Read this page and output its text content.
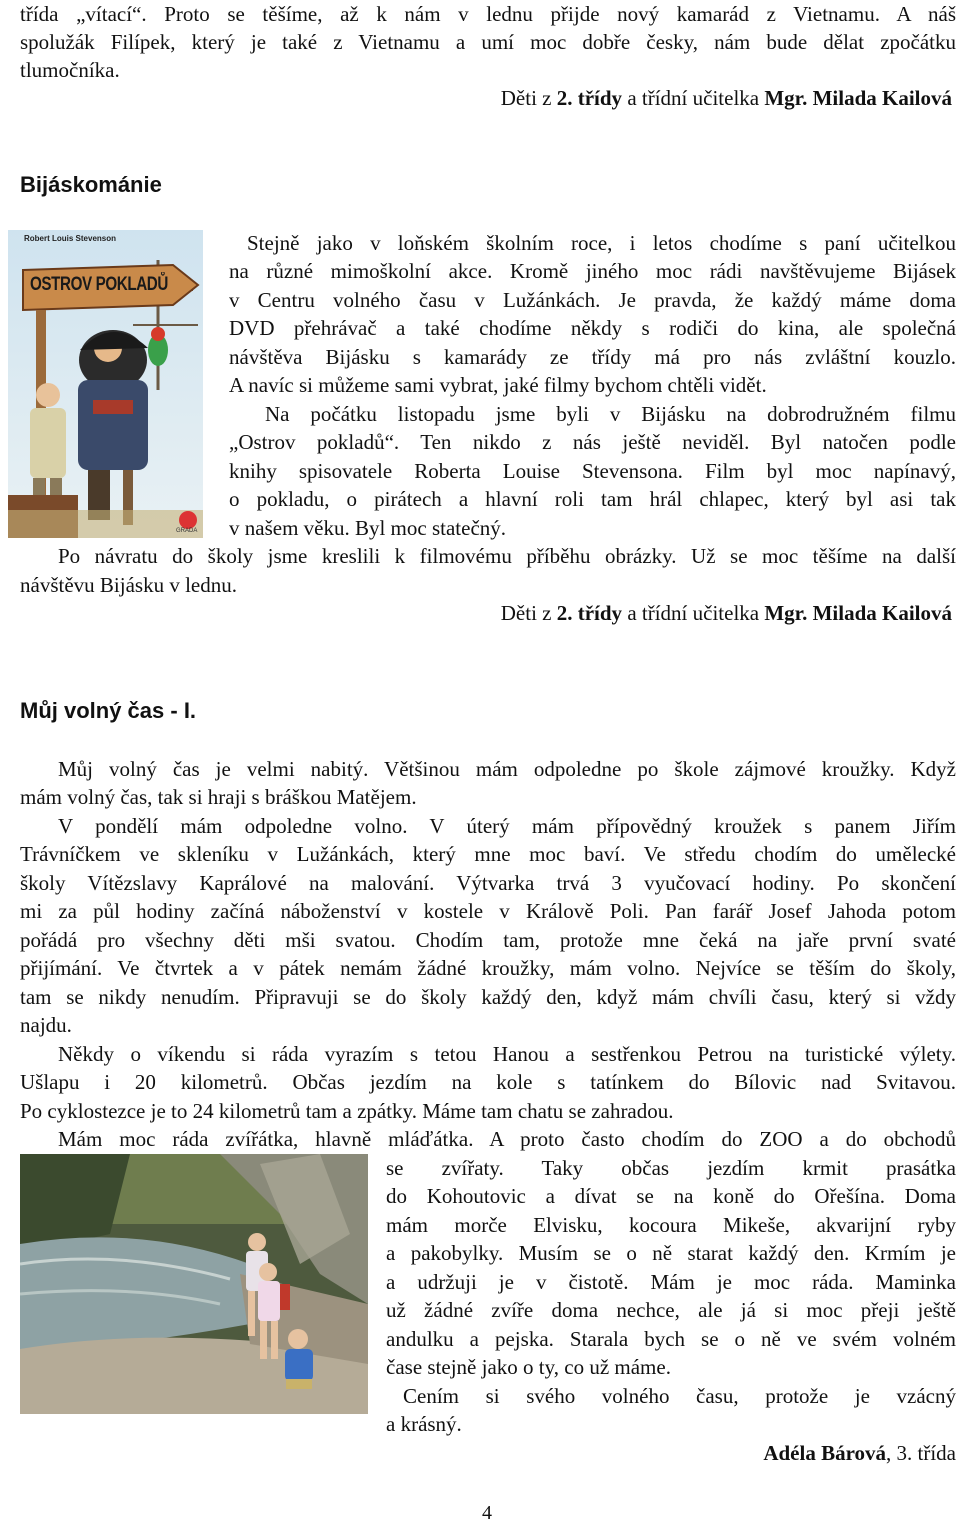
třída „vítací“. Proto se těšíme, až k nám v lednu přijde nový kamarád z Vietnamu. A náš
spolužák Filípek, který je také z Vietnamu a umí moc dobře česky, nám bude dělat zpočátku
tlumočníka.
Děti z 2. třídy a třídní učitelka Mgr. Milada Kailová
Bijáskománie
Robert Louis Stevenson
OSTROV POKLADŮ
GRADA
Stejně jako v loňském školním roce, i letos chodíme s paní učitelkou
na různé mimoškolní akce. Kromě jiného moc rádi navštěvujeme Bijásek
v Centru volného času v Lužánkách. Je pravda, že každý máme doma
DVD přehrávač a také chodíme někdy s rodiči do kina, ale společná
návštěva Bijásku s kamarády ze třídy má pro nás zvláštní kouzlo.
A navíc si můžeme sami vybrat, jaké filmy bychom chtěli vidět.
Na počátku listopadu jsme byli v Bijásku na dobrodružném filmu
„Ostrov pokladů“. Ten nikdo z nás ještě neviděl. Byl natočen podle
knihy spisovatele Roberta Louise Stevensona. Film byl moc napínavý,
o pokladu, o pirátech a hlavní roli tam hrál chlapec, který byl asi tak
v našem věku. Byl moc statečný.
Po návratu do školy jsme kreslili k filmovému příběhu obrázky. Už se moc těšíme na další
návštěvu Bijásku v lednu.
Děti z 2. třídy a třídní učitelka Mgr. Milada Kailová
Můj volný čas - I.
Můj volný čas je velmi nabitý. Většinou mám odpoledne po škole zájmové kroužky. Když
mám volný čas, tak si hraji s bráškou Matějem.
V pondělí mám odpoledne volno. V úterý mám přípovědný kroužek s panem Jiřím
Trávníčkem ve skleníku v Lužánkách, který mne moc baví. Ve středu chodím do umělecké
školy Vítězslavy Kaprálové na malování. Výtvarka trvá 3 vyučovací hodiny. Po skončení
mi za půl hodiny začíná náboženství v kostele v Králově Poli. Pan farář Josef Jahoda potom
pořádá pro všechny děti mši svatou. Chodím tam, protože mne čeká na jaře první svaté
přijímání. Ve čtvrtek a v pátek nemám žádné kroužky, mám volno. Nejvíce se těším do školy,
tam se nikdy nenudím. Připravuji se do školy každý den, když mám chvíli času, který si vždy
najdu.
Někdy o víkendu si ráda vyrazím s tetou Hanou a sestřenkou Petrou na turistické výlety.
Ušlapu i 20 kilometrů. Občas jezdím na kole s tatínkem do Bílovic nad Svitavou.
Po cyklostezce je to 24 kilometrů tam a zpátky. Máme tam chatu se zahradou.
Mám moc ráda zvířátka, hlavně mláďátka. A proto často chodím do ZOO a do obchodů
se zvířaty. Taky občas jezdím krmit prasátka
do Kohoutovic a dívat se na koně do Ořešína. Doma
mám morče Elvisku, kocoura Mikeše, akvarijní ryby
a pakobylky. Musím se o ně starat každý den. Krmím je
a udržuji je v čistotě. Mám je moc ráda. Maminka
už žádné zvíře doma nechce, ale já si moc přeji ještě
andulku a pejska. Starala bych se o ně ve svém volném
čase stejně jako o ty, co už máme.
Cením si svého volného času, protože je vzácný
a krásný.
Adéla Bárová, 3. třída
4
